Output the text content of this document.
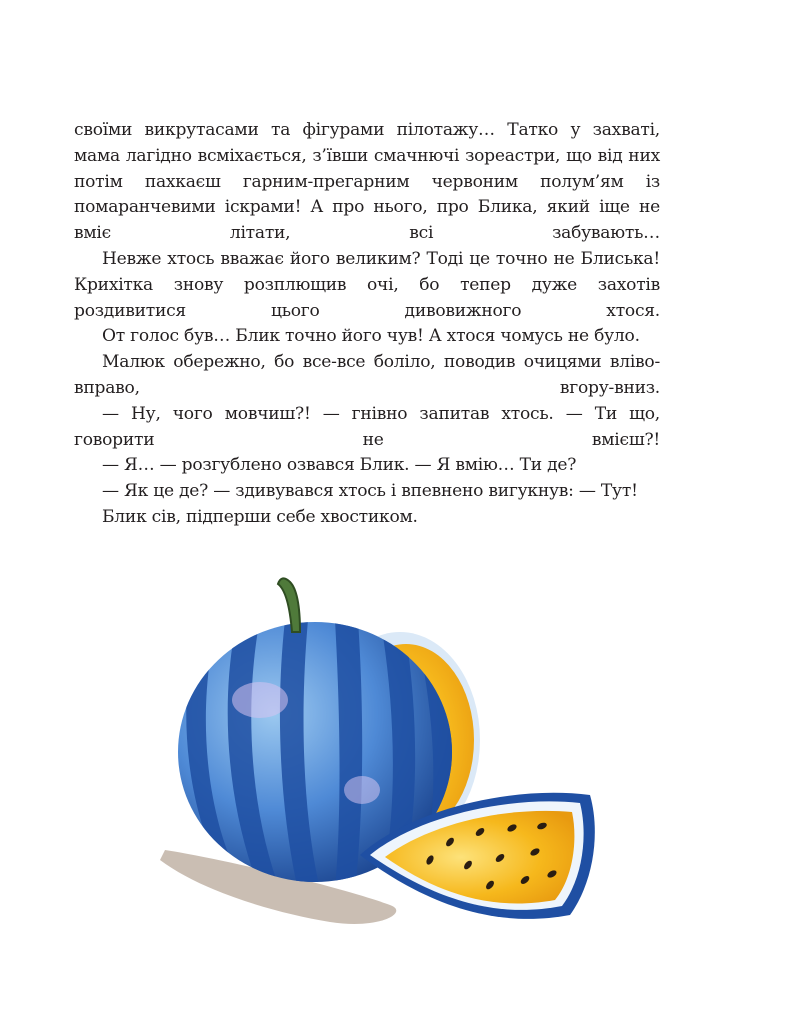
своїми викрутасами та фігурами пілотажу… Татко у захваті, мама лагідно всміхається, з’ївши смачнючі зореастри, що від них потім пахкаєш гарним-прегарним червоним полум’ям із помаранчевими іскрами! А про нього, про Блика, який іще не вміє літати, всі забувають…

Невже хтось вважає його великим? Тоді це точно не Блиська! Крихітка знову розплющив очі, бо тепер дуже захотів роздивитися цього дивовижного хтося.

От голос був… Блик точно його чув! А хтося чомусь не було.

Малюк обережно, бо все-все боліло, поводив очицями вліво-вправо, вгору-вниз.

— Ну, чого мовчиш?! — гнівно запитав хтось. — Ти що, говорити не вмієш?!

— Я… — розгублено озвався Блик. — Я вмію… Ти де?

— Як це де? — здивувався хтось і впевнено вигукнув: — Тут!

Блик сів, підперши себе хвостиком.
